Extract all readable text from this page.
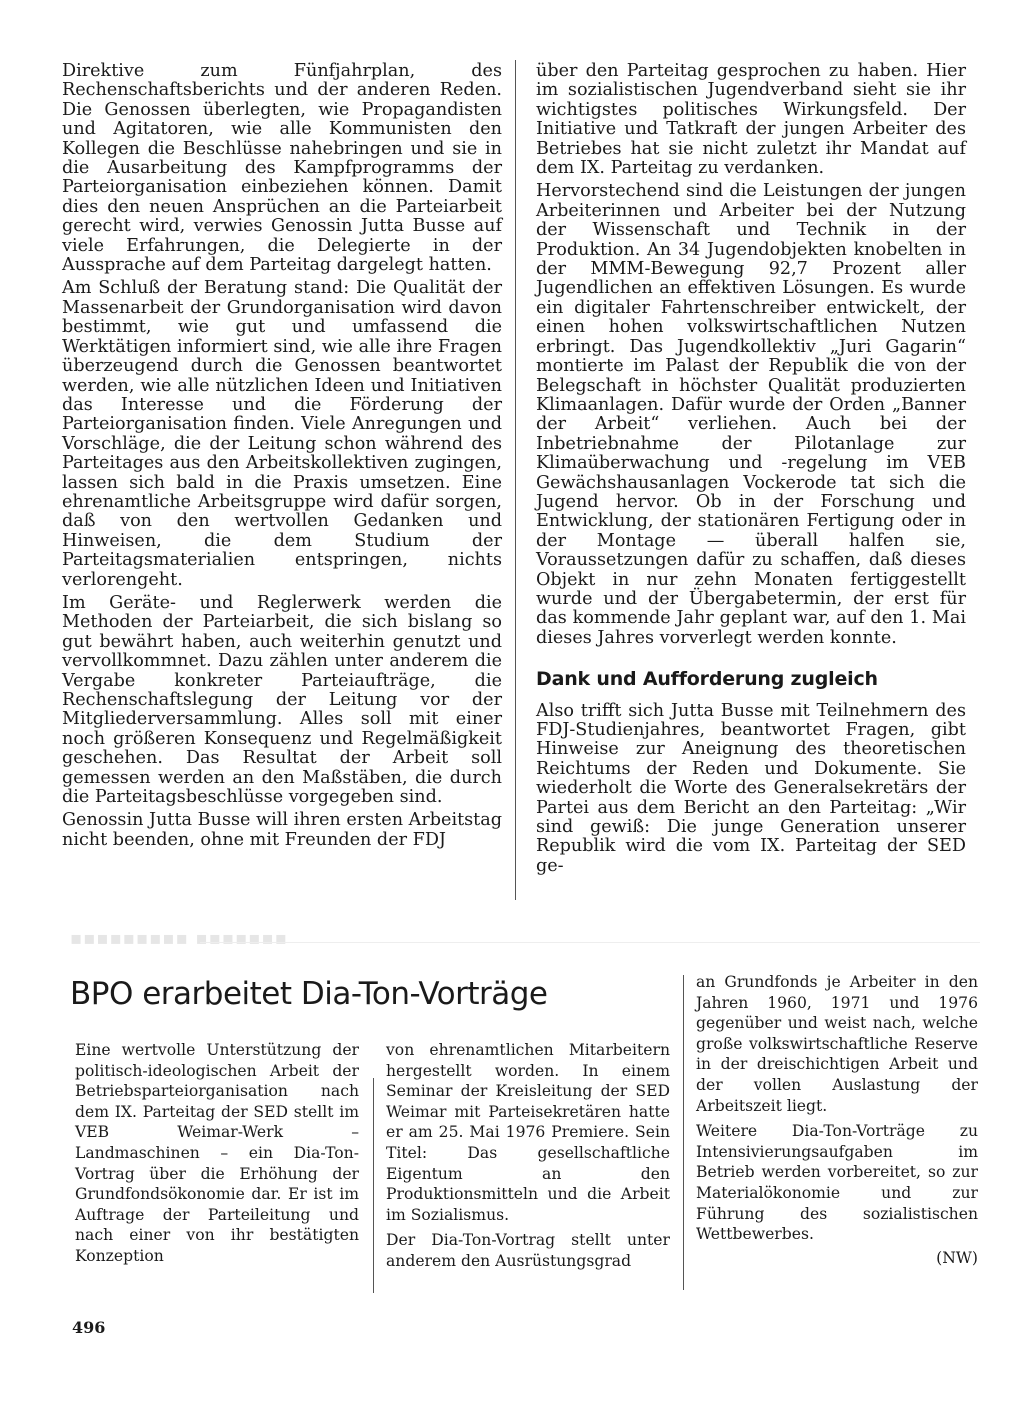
Direktive zum Fünfjahrplan, des Rechenschaftsberichts und der anderen Reden. Die Genossen überlegten, wie Propagandisten und Agitatoren, wie alle Kommunisten den Kollegen die Beschlüsse nahebringen und sie in die Ausarbeitung des Kampfprogramms der Parteiorganisation einbeziehen können. Damit dies den neuen Ansprüchen an die Parteiarbeit gerecht wird, verwies Genossin Jutta Busse auf viele Erfahrungen, die Delegierte in der Aussprache auf dem Parteitag dargelegt hatten.

Am Schluß der Beratung stand: Die Qualität der Massenarbeit der Grundorganisation wird davon bestimmt, wie gut und umfassend die Werktätigen informiert sind, wie alle ihre Fragen überzeugend durch die Genossen beantwortet werden, wie alle nützlichen Ideen und Initiativen das Interesse und die Förderung der Parteiorganisation finden. Viele Anregungen und Vorschläge, die der Leitung schon während des Parteitages aus den Arbeitskollektiven zugingen, lassen sich bald in die Praxis umsetzen. Eine ehrenamtliche Arbeitsgruppe wird dafür sorgen, daß von den wertvollen Gedanken und Hinweisen, die dem Studium der Parteitagsmaterialien entspringen, nichts verlorengeht.

Im Geräte- und Reglerwerk werden die Methoden der Parteiarbeit, die sich bislang so gut bewährt haben, auch weiterhin genutzt und vervollkommnet. Dazu zählen unter anderem die Vergabe konkreter Parteiaufträge, die Rechenschaftslegung der Leitung vor der Mitgliederversammlung. Alles soll mit einer noch größeren Konsequenz und Regelmäßigkeit geschehen. Das Resultat der Arbeit soll gemessen werden an den Maßstäben, die durch die Parteitagsbeschlüsse vorgegeben sind.

Genossin Jutta Busse will ihren ersten Arbeitstag nicht beenden, ohne mit Freunden der FDJ

über den Parteitag gesprochen zu haben. Hier im sozialistischen Jugendverband sieht sie ihr wichtigstes politisches Wirkungsfeld. Der Initiative und Tatkraft der jungen Arbeiter des Betriebes hat sie nicht zuletzt ihr Mandat auf dem IX. Parteitag zu verdanken.

Hervorstechend sind die Leistungen der jungen Arbeiterinnen und Arbeiter bei der Nutzung der Wissenschaft und Technik in der Produktion. An 34 Jugendobjekten knobelten in der MMM-Bewegung 92,7 Prozent aller Jugendlichen an effektiven Lösungen. Es wurde ein digitaler Fahrtenschreiber entwickelt, der einen hohen volkswirtschaftlichen Nutzen erbringt. Das Jugendkollektiv „Juri Gagarin“ montierte im Palast der Republik die von der Belegschaft in höchster Qualität produzierten Klimaanlagen. Dafür wurde der Orden „Banner der Arbeit“ verliehen. Auch bei der Inbetriebnahme der Pilotanlage zur Klimaüberwachung und -regelung im VEB Gewächshausanlagen Vockerode tat sich die Jugend hervor. Ob in der Forschung und Entwicklung, der stationären Fertigung oder in der Montage — überall halfen sie, Voraussetzungen dafür zu schaffen, daß dieses Objekt in nur zehn Monaten fertiggestellt wurde und der Übergabetermin, der erst für das kommende Jahr geplant war, auf den 1. Mai dieses Jahres vorverlegt werden konnte.

Dank und Aufforderung zugleich

Also trifft sich Jutta Busse mit Teilnehmern des FDJ-Studienjahres, beantwortet Fragen, gibt Hinweise zur Aneignung des theoretischen Reichtums der Reden und Dokumente. Sie wiederholt die Worte des Generalsekretärs der Partei aus dem Bericht an den Parteitag: „Wir sind gewiß: Die junge Generation unserer Republik wird die vom IX. Parteitag der SED ge-

▪▪▪▪▪▪▪▪▪ ▪▪▪▪▪▪▪
BPO erarbeitet Dia-Ton-Vorträge

Eine wertvolle Unterstützung der politisch-ideologischen Arbeit der Betriebsparteiorganisation nach dem IX. Parteitag der SED stellt im VEB Weimar-Werk – Landmaschinen – ein Dia-Ton-Vortrag über die Erhöhung der Grundfondsökonomie dar. Er ist im Auftrage der Parteileitung und nach einer von ihr bestätigten Konzeption

von ehrenamtlichen Mitarbeitern hergestellt worden. In einem Seminar der Kreisleitung der SED Weimar mit Parteisekretären hatte er am 25. Mai 1976 Premiere. Sein Titel: Das gesellschaftliche Eigentum an den Produktionsmitteln und die Arbeit im Sozialismus.

Der Dia-Ton-Vortrag stellt unter anderem den Ausrüstungsgrad

an Grundfonds je Arbeiter in den Jahren 1960, 1971 und 1976 gegenüber und weist nach, welche große volkswirtschaftliche Reserve in der dreischichtigen Arbeit und der vollen Auslastung der Arbeitszeit liegt.

Weitere Dia-Ton-Vorträge zu Intensivierungsaufgaben im Betrieb werden vorbereitet, so zur Materialökonomie und zur Führung des sozialistischen Wettbewerbes.

(NW)
496
